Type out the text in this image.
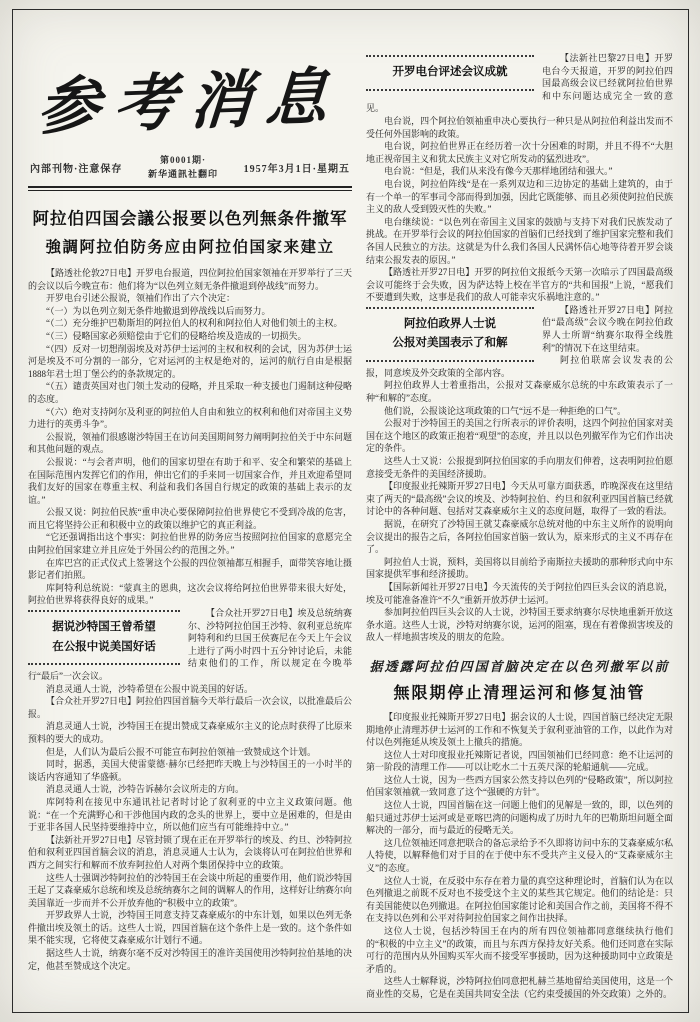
参考消息
內部刊物·注意保存
第0001期·
新华通訊社翻印	1957年3月1日·星期五
阿拉伯四国会議公报要以色列無条件撤军
強調阿拉伯防务应由阿拉伯国家来建立

【路透社伦敦27日电】开罗电台报道，四位阿拉伯国家领袖在开罗举行了三天的会议以后今晚宣布：他们将为“以色列立刻无条件撤退到停战线”而努力。

开罗电台引述公报说，领袖们作出了六个决定：

“（一）为以色列立刻无条件地撤退到停战线以后而努力。

“（二）充分维护巴勒斯坦的阿拉伯人的权利和阿拉伯人对他们领土的主权。

“（三）侵略国家必须赔偿由于它们的侵略给埃及造成的一切损失。

“（四）反对一切想削弱埃及对苏伊士运河的主权和权利的会试，因为苏伊士运河是埃及不可分割的一部分，它对运河的主权是绝对的，运河的航行自由是根据1888年君士坦丁堡公约的条款规定的。

“（五）谴责英国对也门领土发动的侵略，并且采取一种支援也门遏制这种侵略的态度。

“（六）绝对支持阿尔及利亚的阿拉伯人自由和独立的权利和他们对帝国主义势力进行的英勇斗争”。

公报说，领袖们很感谢沙特国王在访问美国期间努力阐明阿拉伯关于中东问题和其他问题的观点。

公报说：“与会者声明，他们的国家切望在有助于和平、安全和繁荣的基础上在国际范围内发挥它们的作用，伸出它们的手来同一切国家合作，并且欢迎希望同我们友好的国家在尊重主权、利益和我们各国自行规定的政策的基础上表示的友谊。”

公报又说：阿拉伯民族“重申决心要保障阿拉伯世界使它不受到冷战的危害，而且它将坚持公正和积极中立的政策以维护它的真正利益。

“它还强调指出这个事实：阿拉伯世界的防务应当按照阿拉伯国家的意愿完全由阿拉伯国家建立并且应处于外国公约的范围之外。”

在库巴宫的正式仪式上签署这个公报的四位领袖都互相握手，面带笑容地让摄影记者们拍照。

库阿特利总统说：“蒙真主的恩典，这次会议将给阿拉伯世界带来很大好处，阿拉伯世界将获得良好的成果。”

据说沙特国王曾希望
在公报中说美国好话

【合众社开罗27日电】埃及总统纳赛尔、沙特阿拉伯国王沙特、叙利亚总统库阿特利和约旦国王侯赛尼在今天上午会议上进行了两小时四十五分钟讨论后，未能结束他们的工作，所以规定在今晚举行“最后”一次会议。

消息灵通人士说，沙特希望在公报中说美国的好话。

【合众社开罗27日电】阿拉伯四国首脑今天举行最后一次会议，以批准最后公报。

消息灵通人士说，沙特国王在提出赞成艾森豪威尔主义的论点时获得了比原来预料的要大的成功。

但是，人们认为最后公报不可能宣布阿拉伯领袖一致赞成这个计划。

同时，据悉，美国大使雷蒙德·赫尔已经把昨天晚上与沙特国王的一小时半的谈话内容通知了华盛顿。

消息灵通人士说，沙特告诉赫尔会议所走的方向。

库阿特利在接见中东通讯社记者时讨论了叙利亚的中立主义政策问题。他说：“在一个充满野心和干涉他国内政的念头的世界上，要中立是困难的，但是由于亚非各国人民坚持要维持中立，所以他们应当有可能维持中立。”

【法新社开罗27日电】尽管封锁了现在正在开罗举行的埃及、约旦、沙特阿拉伯和叙利亚四国首脑会议的消息，消息灵通人士认为，会谈将认可在阿拉伯世界和西方之间实行和解而不放弃阿拉伯人对两个集团保持中立的政策。

这些人士强调沙特阿拉伯的沙特国王在会谈中所起的重要作用，他们说沙特国王起了艾森豪威尔总统和埃及总统纳赛尔之间的调解人的作用，这样好让纳赛尔向美国靠近一步而并不公开放弃他的“积极中立的政策”。

开罗政界人士说，沙特国王同意支持艾森豪威尔的中东计划，如果以色列无条件撤出埃及领土的话。这些人士说，四国首脑在这个条件上是一致的。这个条件如果不能实现，它将使艾森豪威尔计划行不通。

据这些人士说，纳赛尔毫不反对沙特国王的准许美国使用沙特阿拉伯基地的决定，他甚至赞成这个决定。

开罗电台评述会议成就

【法新社巴黎27日电】开罗电台今天报道，开罗的阿拉伯四国最高级会议已经就阿拉伯世界和中东问题达成完全一致的意见。

电台说，四个阿拉伯领袖重申决心要执行一种只是从阿拉伯利益出发而不受任何外国影响的政策。

电台说，阿拉伯世界正在经历着一次十分困难的时期，并且不得不“大胆地正视帝国主义和犹太民族主义对它所发动的猛烈进攻”。

电台说：“但是，我们从来没有像今天那样地团结和强大。”

电台说，阿拉伯阵线“是在一系列双边和三边协定的基础上建筑的，由于有一个单一的军事司令部而得到加强，因此它既能够、而且必须使阿拉伯民族主义的敌人受到毁灭性的失败。”

电台继续说：“以色列在帝国主义国家的鼓励与支持下对我们民族发动了挑战。在开罗举行会议的阿拉伯国家的首脑们已经找到了维护国家完整和我们各国人民独立的方法。这就是为什么我们各国人民满怀信心地等待着开罗会谈结束公报发表的原因。”

【路透社开罗27日电】开罗的阿拉伯文报纸今天第一次暗示了四国最高级会议可能终于会失败，因为萨达特上校在半官方的“共和国报”上说，“愿我们不要遭到失败，这事是我们的敌人可能幸灾乐祸地注意的。”

阿拉伯政界人士说
公报对美国表示了和解

【路透社开罗27日电】阿拉伯“最高级”会议今晚在阿拉伯政界人士所谓“纳赛尔取得全线胜利”的情况下在这里结束。

阿拉伯联席会议发表的公报，同意埃及外交政策的全部内容。

阿拉伯政界人士着重指出，公报对艾森豪威尔总统的中东政策表示了一种“和解的”态度。

他们说，公报谈论这项政策的口气“远不是一种拒绝的口气”。

公报对于沙特国王的美国之行所表示的评价表明，这四个阿拉伯国家对美国在这个地区的政策正抱着“观望”的态度，并且以以色列撤军作为它们作出决定的条件。

这些人士又说：公报提到阿拉伯国家的手向朋友们伸着，这表明阿拉伯愿意接受无条件的美国经济援助。

【印度报业托辣斯开罗27日电】今天从可靠方面获悉，昨晚深夜在这里结束了两天的“最高级”会议的埃及、沙特阿拉伯、约旦和叙利亚四国首脑已经就讨论中的各种问题、包括对艾森豪威尔主义的态度问题，取得了一致的看法。

据说，在研究了沙特国王就艾森豪威尔总统对他的中东主义所作的说明向会议提出的报告之后，各阿拉伯国家首脑一致认为，原来形式的主义不再存在了。

阿拉伯人士说，预料，美国将以目前给予南斯拉夫援助的那种形式向中东国家提供军事和经济援助。

【国际新闻社开罗27日电】今天流传的关于阿拉伯四巨头会议的消息说，埃及可能准备准许“不久”重新开放苏伊士运河。

参加阿拉伯四巨头会议的人士说，沙特国王要求纳赛尔尽快地重新开放这条水道。这些人士说，沙特对纳赛尔说，运河的阻塞，现在有着像损害埃及的敌人一样地损害埃及的朋友的危险。

据透露阿拉伯四国首脑决定在以色列撤军以前
無限期停止清理运河和修复油管

【印度报业托辣斯开罗27日电】据会议的人士说，四国首脑已经决定无限期地停止清理苏伊士运河的工作和不恢复关于叙利亚油管的工作，以此作为对付以色列拖延从埃及领土上撤兵的措施。

这位人士对印度报业托辣斯记者说，四国领袖们已经同意：绝不让运河的第一阶段的清理工作——可以让吃水二十五英尺深的轮船通航——完成。

这位人士说，因为一些西方国家公然支持以色列的“侵略政策”，所以阿拉伯国家领袖就一致同意了这个“强硬的方针”。

这位人士说，四国首脑在这一问题上他们的见解是一致的，即，以色列的船只通过苏伊士运河或是亚喀巴湾的问题构成了历时九年的巴勒斯坦问题全面解决的一部分，而与最近的侵略无关。

这几位领袖还同意把联合的备忘录给予不久即将访问中东的艾森豪威尔私人特使，以解释他们对于目的在于使中东不受共产主义侵入的“艾森豪威尔主义”的态度。

这位人士说，在反驳中东存在着力量的真空这种理论时，首脑们认为在以色列撤退之前既不反对也不接受这个主义的某些其它规定。他们的结论是：只有美国能使以色列撤退。在阿拉伯国家能讨论和美国合作之前，美国将不得不在支持以色列和公平对待阿拉伯国家之间作出抉择。

这位人士说，包括沙特国王在内的所有四位领袖都同意继续执行他们的“积极的中立主义”的政策，而且与东西方保持友好关系。他们还同意在实际可行的范围内从外国购买军火而不接受军事援助，因为这种援助同中立政策是矛盾的。

这些人士解释说，沙特阿拉伯同意把札赫兰基地留给美国使用，这是一个商业性的交易，它是在美国共同安全法（它约束受援国的外交政策）之外的。
